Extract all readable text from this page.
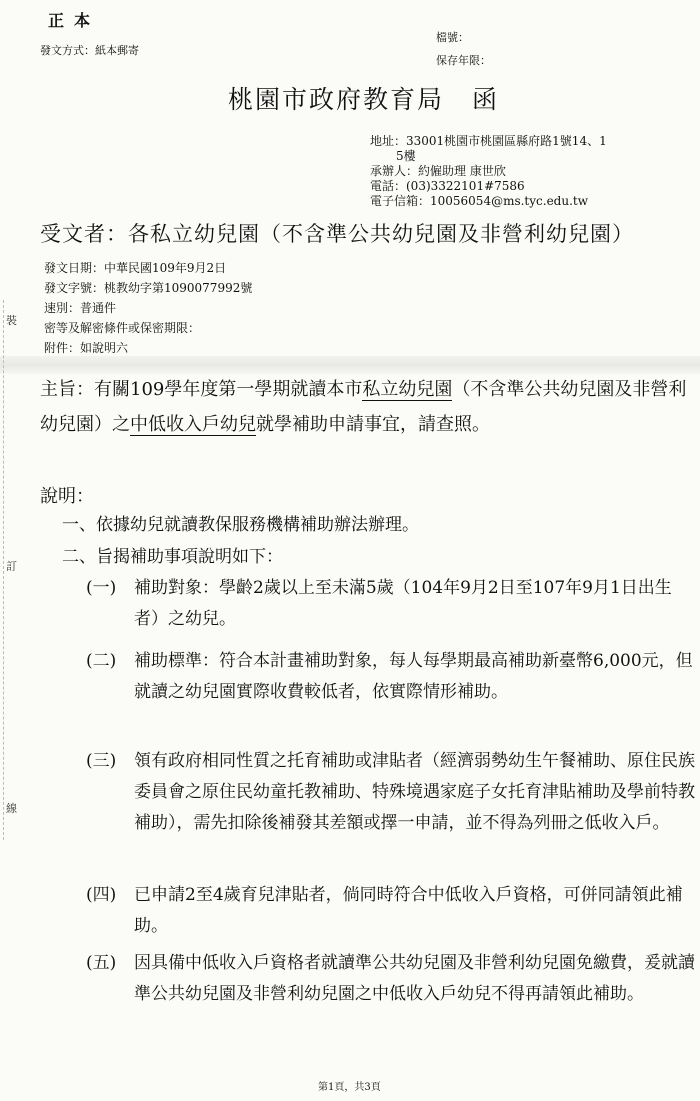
正本
發文方式：紙本郵寄
檔號：
保存年限：
桃園市政府教育局 函
地址：33001桃園市桃園區縣府路1號14、1
5樓
承辦人：約僱助理 康世欣
電話：(03)3322101#7586
電子信箱：10056054@ms.tyc.edu.tw
受文者：各私立幼兒園（不含準公共幼兒園及非營利幼兒園）
發文日期：中華民國109年9月2日
發文字號：桃教幼字第1090077992號
速別：普通件
密等及解密條件或保密期限：
附件：如說明六
裝
訂
線
主旨：有關109學年度第一學期就讀本市私立幼兒園（不含準公共幼兒園及非營利幼兒園）之中低收入戶幼兒就學補助申請事宜，請查照。
說明：
一、依據幼兒就讀教保服務機構補助辦法辦理。
二、旨揭補助事項說明如下：
(一) 補助對象：學齡2歲以上至未滿5歲（104年9月2日至107年9月1日出生者）之幼兒。
(二) 補助標準：符合本計畫補助對象，每人每學期最高補助新臺幣6,000元，但就讀之幼兒園實際收費較低者，依實際情形補助。
(三) 領有政府相同性質之托育補助或津貼者（經濟弱勢幼生午餐補助、原住民族委員會之原住民幼童托教補助、特殊境遇家庭子女托育津貼補助及學前特教補助），需先扣除後補發其差額或擇一申請，並不得為列冊之低收入戶。
(四) 已申請2至4歲育兒津貼者，倘同時符合中低收入戶資格，可併同請領此補助。
(五) 因具備中低收入戶資格者就讀準公共幼兒園及非營利幼兒園免繳費，爰就讀準公共幼兒園及非營利幼兒園之中低收入戶幼兒不得再請領此補助。
第1頁，共3頁
